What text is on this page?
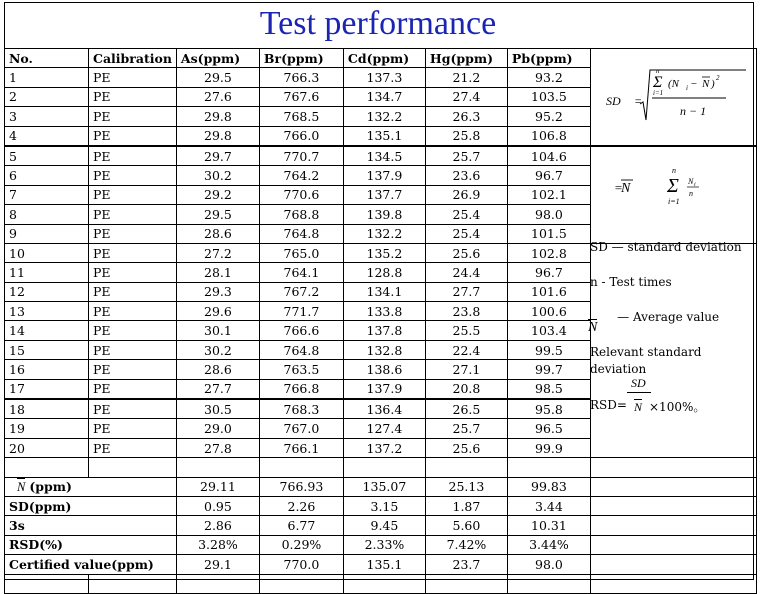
Test performance
No.	Calibration	As(ppm)	Br(ppm)	Cd(ppm)	Hg(ppm)	Pb(ppm)	
1	PE	29.5	766.3	137.3	21.2	93.2	
2	PE	27.6	767.6	134.7	27.4	103.5	
3	PE	29.8	768.5	132.2	26.3	95.2	
4	PE	29.8	766.0	135.1	25.8	106.8	
5	PE	29.7	770.7	134.5	25.7	104.6	
6	PE	30.2	764.2	137.9	23.6	96.7	
7	PE	29.2	770.6	137.7	26.9	102.1	
8	PE	29.5	768.8	139.8	25.4	98.0	
9	PE	28.6	764.8	132.2	25.4	101.5	
10	PE	27.2	765.0	135.2	25.6	102.8	
11	PE	28.1	764.1	128.8	24.4	96.7	
12	PE	29.3	767.2	134.1	27.7	101.6	
13	PE	29.6	771.7	133.8	23.8	100.6	
14	PE	30.1	766.6	137.8	25.5	103.4	
15	PE	30.2	764.8	132.8	22.4	99.5	
16	PE	28.6	763.5	138.6	27.1	99.7	
17	PE	27.7	766.8	137.9	20.8	98.5	
18	PE	30.5	768.3	136.4	26.5	95.8	
19	PE	29.0	767.0	127.4	25.7	96.5	
20	PE	27.8	766.1	137.2	25.6	99.9	

N (ppm)		29.11	766.93	135.07	25.13	99.83	
SD(ppm)		0.95	2.26	3.15	1.87	3.44	
3s		2.86	6.77	9.45	5.60	10.31	
RSD(%)		3.28%	0.29%	2.33%	7.42%	3.44%	
Certified value(ppm)		29.1	770.0	135.1	23.7	98.0	

SD =
Σ
n
i=1
(N i − N ) 2
n − 1
=
N Σ
n
i=1
N i
n
SD — standard deviation
n - Test times
N — Average value
Relevant standard
deviation
RSD=
SD
N ×100%。
